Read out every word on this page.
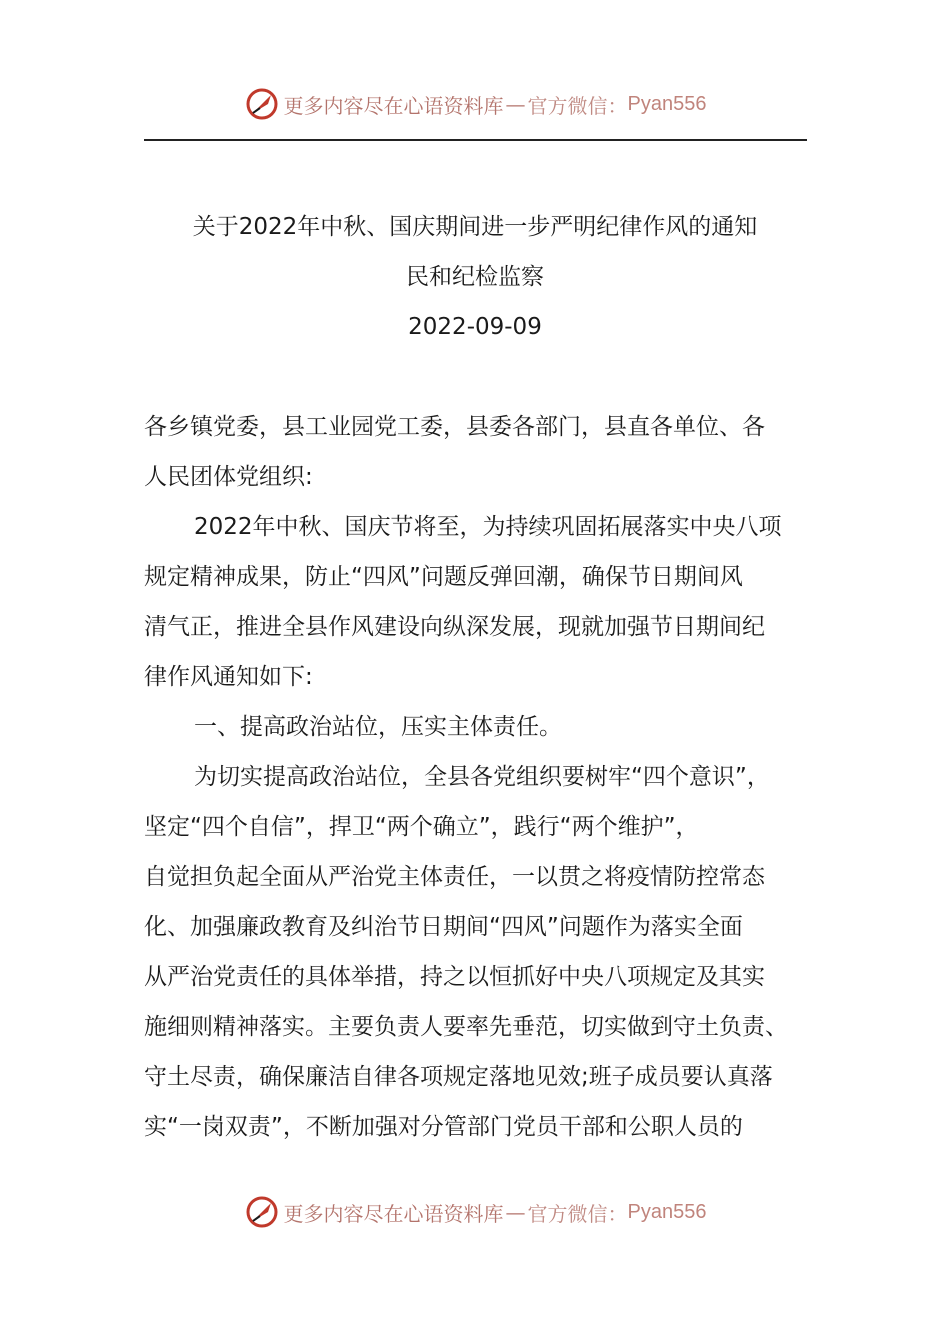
更多内容尽在心语资料库 — 官方微信： Pyan556
关于2022年中秋、国庆期间进一步严明纪律作风的通知
民和纪检监察
2022-09-09
各乡镇党委，县工业园党工委，县委各部门，县直各单位、各
人民团体党组织:
2022年中秋、国庆节将至，为持续巩固拓展落实中央八项
规定精神成果，防止“四风”问题反弹回潮，确保节日期间风
清气正，推进全县作风建设向纵深发展，现就加强节日期间纪
律作风通知如下:
一、提高政治站位，压实主体责任。
为切实提高政治站位，全县各党组织要树牢“四个意识”，
坚定“四个自信”，捍卫“两个确立”，践行“两个维护”，
自觉担负起全面从严治党主体责任，一以贯之将疫情防控常态
化、加强廉政教育及纠治节日期间“四风”问题作为落实全面
从严治党责任的具体举措，持之以恒抓好中央八项规定及其实
施细则精神落实。主要负责人要率先垂范，切实做到守土负责、
守土尽责，确保廉洁自律各项规定落地见效;班子成员要认真落
实“一岗双责”，不断加强对分管部门党员干部和公职人员的
更多内容尽在心语资料库 — 官方微信： Pyan556
